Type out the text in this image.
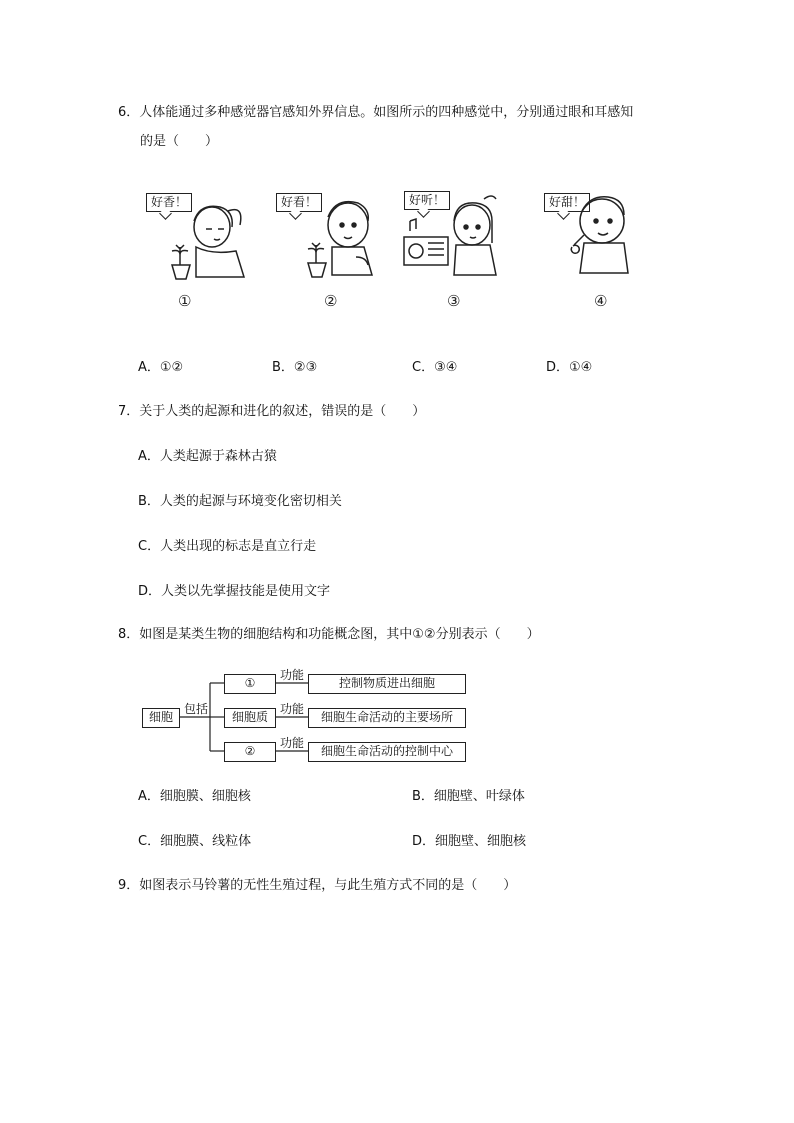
6．人体能通过多种感觉器官感知外界信息。如图所示的四种感觉中，分别通过眼和耳感知
的是（　　）
好香！
①
好看！
②
好听！
③
好甜！
④
A．①②	B．②③	C．③④	D．①④
7．关于人类的起源和进化的叙述，错误的是（　　）
A．人类起源于森林古猿
B．人类的起源与环境变化密切相关
C．人类出现的标志是直立行走
D．人类以先掌握技能是使用文字
8．如图是某类生物的细胞结构和功能概念图，其中①②分别表示（　　）
细胞
包括
①
功能
控制物质进出细胞
细胞质
功能
细胞生命活动的主要场所
②
功能
细胞生命活动的控制中心
A．细胞膜、细胞核	B．细胞壁、叶绿体
C．细胞膜、线粒体	D．细胞壁、细胞核
9．如图表示马铃薯的无性生殖过程，与此生殖方式不同的是（　　）
